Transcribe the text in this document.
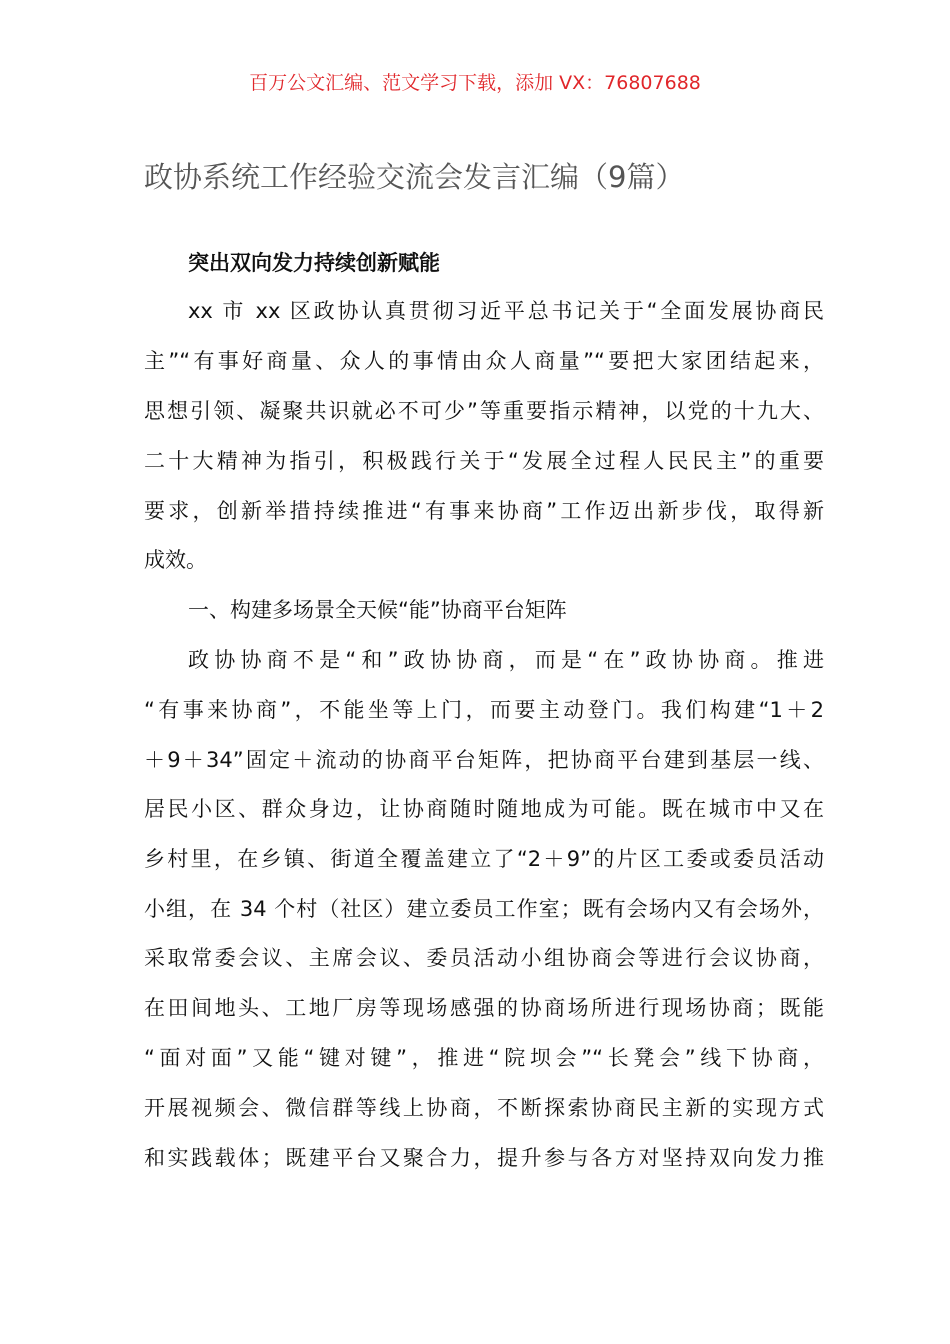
百万公文汇编、范文学习下载，添加 VX：76807688
政协系统工作经验交流会发言汇编（9篇）
突出双向发力持续创新赋能
xx 市 xx 区政协认真贯彻习近平总书记关于“全面发展协商民
主”“有事好商量、众人的事情由众人商量”“要把大家团结起来，
思想引领、凝聚共识就必不可少”等重要指示精神，以党的十九大、
二十大精神为指引，积极践行关于“发展全过程人民民主”的重要
要求，创新举措持续推进“有事来协商”工作迈出新步伐，取得新
成效。
一、构建多场景全天候“能”协商平台矩阵
政协协商不是“和”政协协商，而是“在”政协协商。推进
“有事来协商”，不能坐等上门，而要主动登门。我们构建“1＋2
＋9＋34”固定＋流动的协商平台矩阵，把协商平台建到基层一线、
居民小区、群众身边，让协商随时随地成为可能。既在城市中又在
乡村里，在乡镇、街道全覆盖建立了“2＋9”的片区工委或委员活动
小组，在 34 个村（社区）建立委员工作室；既有会场内又有会场外，
采取常委会议、主席会议、委员活动小组协商会等进行会议协商，
在田间地头、工地厂房等现场感强的协商场所进行现场协商；既能
“面对面”又能“键对键”，推进“院坝会”“长凳会”线下协商，
开展视频会、微信群等线上协商，不断探索协商民主新的实现方式
和实践载体；既建平台又聚合力，提升参与各方对坚持双向发力推
